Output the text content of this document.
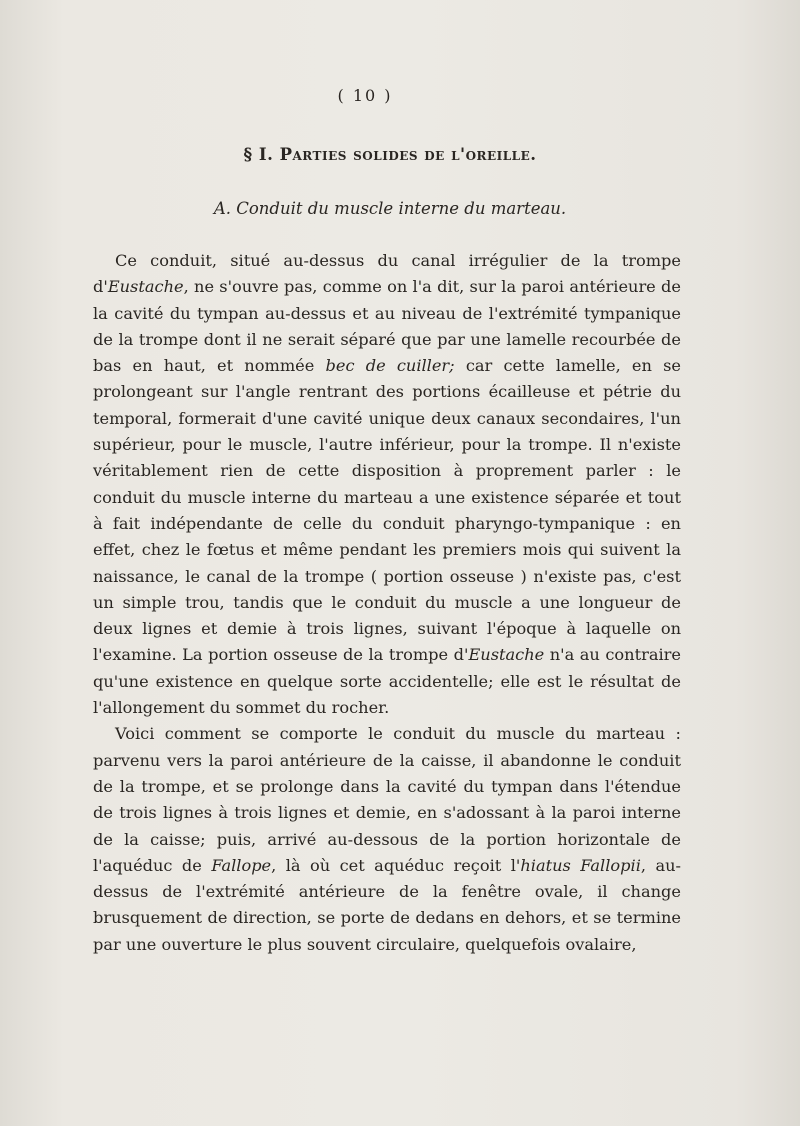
( 10 )
§ I. Parties solides de l'oreille.
A. Conduit du muscle interne du marteau.

Ce conduit, situé au-dessus du canal irrégulier de la trompe d'Eustache, ne s'ouvre pas, comme on l'a dit, sur la paroi antérieure de la cavité du tympan au-dessus et au niveau de l'extrémité tympanique de la trompe dont il ne serait séparé que par une lamelle recourbée de bas en haut, et nommée bec de cuiller; car cette lamelle, en se prolongeant sur l'angle rentrant des portions écailleuse et pétrie du temporal, formerait d'une cavité unique deux canaux secondaires, l'un supérieur, pour le muscle, l'autre inférieur, pour la trompe. Il n'existe véritablement rien de cette disposition à proprement parler : le conduit du muscle interne du marteau a une existence séparée et tout à fait indépendante de celle du conduit pharyngo-tympanique : en effet, chez le fœtus et même pendant les premiers mois qui suivent la naissance, le canal de la trompe ( portion osseuse ) n'existe pas, c'est un simple trou, tandis que le conduit du muscle a une longueur de deux lignes et demie à trois lignes, suivant l'époque à laquelle on l'examine. La portion osseuse de la trompe d'Eustache n'a au contraire qu'une existence en quelque sorte accidentelle; elle est le résultat de l'allongement du sommet du rocher.

Voici comment se comporte le conduit du muscle du marteau : parvenu vers la paroi antérieure de la caisse, il abandonne le conduit de la trompe, et se prolonge dans la cavité du tympan dans l'étendue de trois lignes à trois lignes et demie, en s'adossant à la paroi interne de la caisse; puis, arrivé au-dessous de la portion horizontale de l'aquéduc de Fallope, là où cet aquéduc reçoit l'hiatus Fallopii, au-dessus de l'extrémité antérieure de la fenêtre ovale, il change brusquement de direction, se porte de dedans en dehors, et se termine par une ouverture le plus souvent circulaire, quelquefois ovalaire,
